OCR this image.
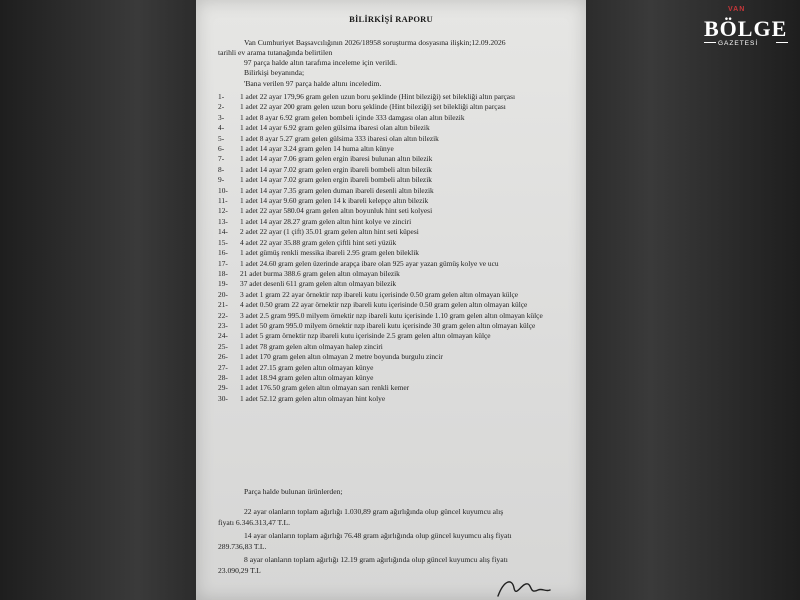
BİLİRKİŞİ RAPORU
Van Cumhuriyet Başsavcılığının 2026/18958 soruşturma dosyasına ilişkin;12.09.2026
tarihli ev arama tutanağında belirtilen
97 parça halde altın tarafıma inceleme için verildi.
Bilirkişi beyanında;
'Bana verilen 97 parça halde altını inceledim.
1-	1 adet 22 ayar 179,96 gram gelen uzun boru şeklinde (Hint bileziği) set bilekliği altın parçası
2-	1 adet 22 ayar 200 gram gelen uzun boru şeklinde (Hint bileziği) set bilekliği altın parçası
3-	1 adet 8 ayar 6.92 gram gelen bombeli içinde 333 damgası olan altın bilezik
4-	1 adet 14 ayar 6.92 gram gelen gülsima ibaresi olan altın bilezik
5-	1 adet 8 ayar 5.27 gram gelen gülsima 333 ibaresi olan altın bilezik
6-	1 adet 14 ayar 3.24 gram gelen 14 huma altın künye
7-	1 adet 14 ayar 7.06 gram gelen ergin ibaresi bulunan altın bilezik
8-	1 adet 14 ayar 7.02 gram gelen ergin ibareli bombeli altın bilezik
9-	1 adet 14 ayar 7.02 gram gelen ergin ibareli bombeli altın bilezik
10-	1 adet 14 ayar 7.35 gram gelen duman ibareli desenli altın bilezik
11-	1 adet 14 ayar 9.60 gram gelen 14 k ibareli kelepçe altın bilezik
12-	1 adet 22 ayar 580.04 gram gelen altın boyunluk hint seti kolyesi
13-	1 adet 14 ayar 28.27 gram gelen altın hint kolye ve zinciri
14-	2 adet 22 ayar (1 çift) 35.01 gram gelen altın hint seti küpesi
15-	4 adet 22 ayar 35.88 gram gelen çiftli hint seti yüzük
16-	1 adet gümüş renkli messika ibareli 2.95 gram gelen bileklik
17-	1 adet 24.60 gram gelen üzerinde arapça ibare olan 925 ayar yazan gümüş kolye ve ucu
18-	21 adet burma 388.6 gram gelen altın olmayan bilezik
19-	37 adet desenli 611 gram gelen altın olmayan bilezik
20-	3 adet 1 gram 22 ayar örnektir nzp ibareli kutu içerisinde 0.50 gram gelen altın olmayan külçe
21-	4 adet 0.50 gram 22 ayar örnektir nzp ibareli kutu içerisinde 0.50 gram gelen altın olmayan külçe
22-	3 adet 2.5 gram 995.0 milyem örnektir nzp ibareli kutu içerisinde 1.10 gram gelen altın olmayan külçe
23-	1 adet 50 gram 995.0 milyem örnektir nzp ibareli kutu içerisinde 30 gram gelen altın olmayan külçe
24-	1 adet 5 gram örnektir nzp ibareli kutu içerisinde 2.5 gram gelen altın olmayan külçe
25-	1 adet 78 gram gelen altın olmayan halep zinciri
26-	1 adet 170 gram gelen altın olmayan 2 metre boyunda burgulu zincir
27-	1 adet 27.15 gram gelen altın olmayan künye
28-	1 adet 18.94 gram gelen altın olmayan künye
29-	1 adet 176.50 gram gelen altın olmayan sarı renkli kemer
30-	1 adet 52.12 gram gelen altın olmayan hint kolye
Parça halde bulunan ürünlerden;
22 ayar olanların toplam ağırlığı 1.030,89 gram ağırlığında olup güncel kuyumcu alış
fiyatı 6.346.313,47 T.L.
14 ayar olanların toplam ağırlığı 76.48 gram ağırlığında olup güncel kuyumcu alış fiyatı
289.736,83 T.L.
8 ayar olanların toplam ağırlığı 12.19 gram ağırlığında olup güncel kuyumcu alış fiyatı
23.090,29 T.L
VAN
BÖLGE
GAZETESİ
